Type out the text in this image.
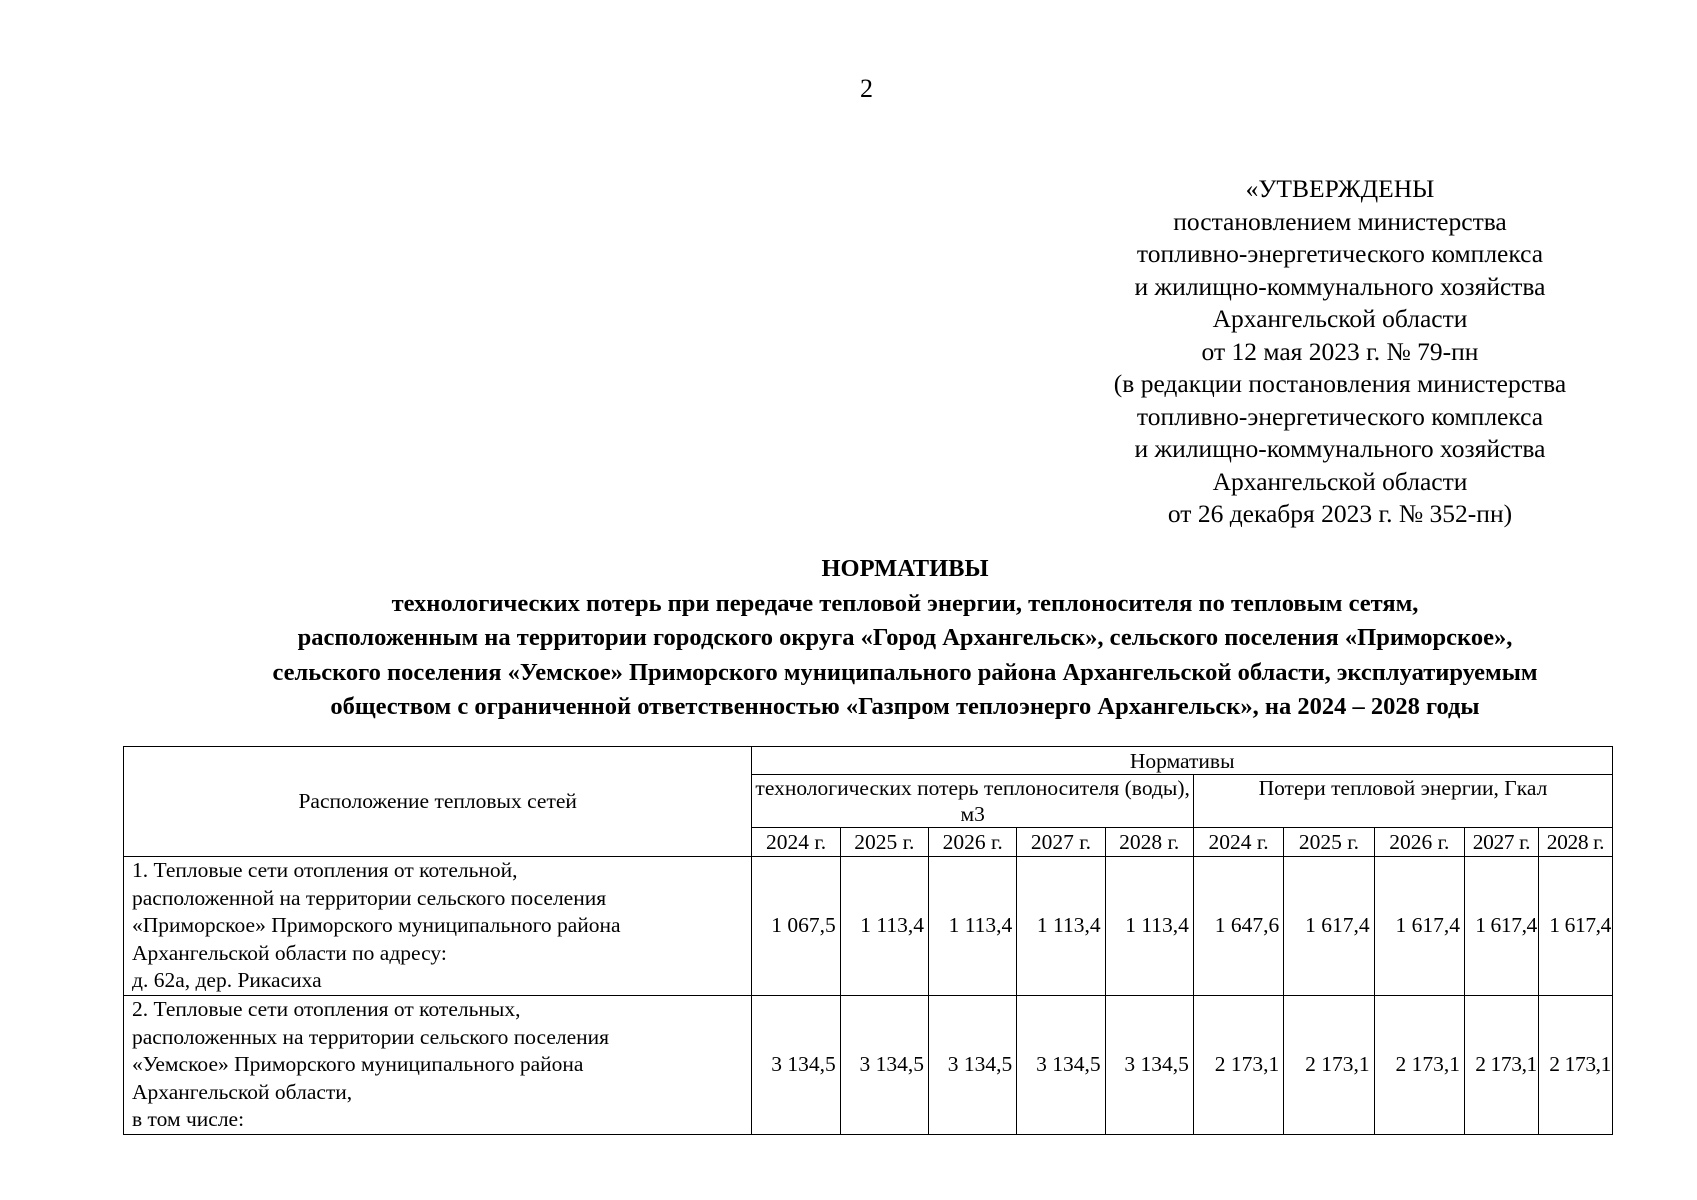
2
«УТВЕРЖДЕНЫ
постановлением министерства
топливно-энергетического комплекса
и жилищно-коммунального хозяйства
Архангельской области
от 12 мая 2023 г. № 79-пн
(в редакции постановления министерства
топливно-энергетического комплекса
и жилищно-коммунального хозяйства
Архангельской области
от 26 декабря 2023 г. № 352-пн)
НОРМАТИВЫ
технологических потерь при передаче тепловой энергии, теплоносителя по тепловым сетям,
расположенным на территории городского округа «Город Архангельск», сельского поселения «Приморское»,
сельского поселения «Уемское» Приморского муниципального района Архангельской области, эксплуатируемым
обществом с ограниченной ответственностью «Газпром теплоэнерго Архангельск», на 2024 – 2028 годы
Расположение тепловых сетей	Нормативы									
	технологических потерь теплоносителя (воды), м3					Потери тепловой энергии, Гкал				
	2024 г.	2025 г.	2026 г.	2027 г.	2028 г.	2024 г.	2025 г.	2026 г.	2027 г.	2028 г.

1. Тепловые сети отопления от котельной,
расположенной на территории сельского поселения
«Приморское» Приморского муниципального района
Архангельской области по адресу:
д. 62а, дер. Рикасиха	1 067,5	1 113,4	1 113,4	1 113,4	1 113,4	1 647,6	1 617,4	1 617,4	1 617,4	1 617,4

2. Тепловые сети отопления от котельных,
расположенных на территории сельского поселения
«Уемское» Приморского муниципального района
Архангельской области,
в том числе:	3 134,5	3 134,5	3 134,5	3 134,5	3 134,5	2 173,1	2 173,1	2 173,1	2 173,1	2 173,1
